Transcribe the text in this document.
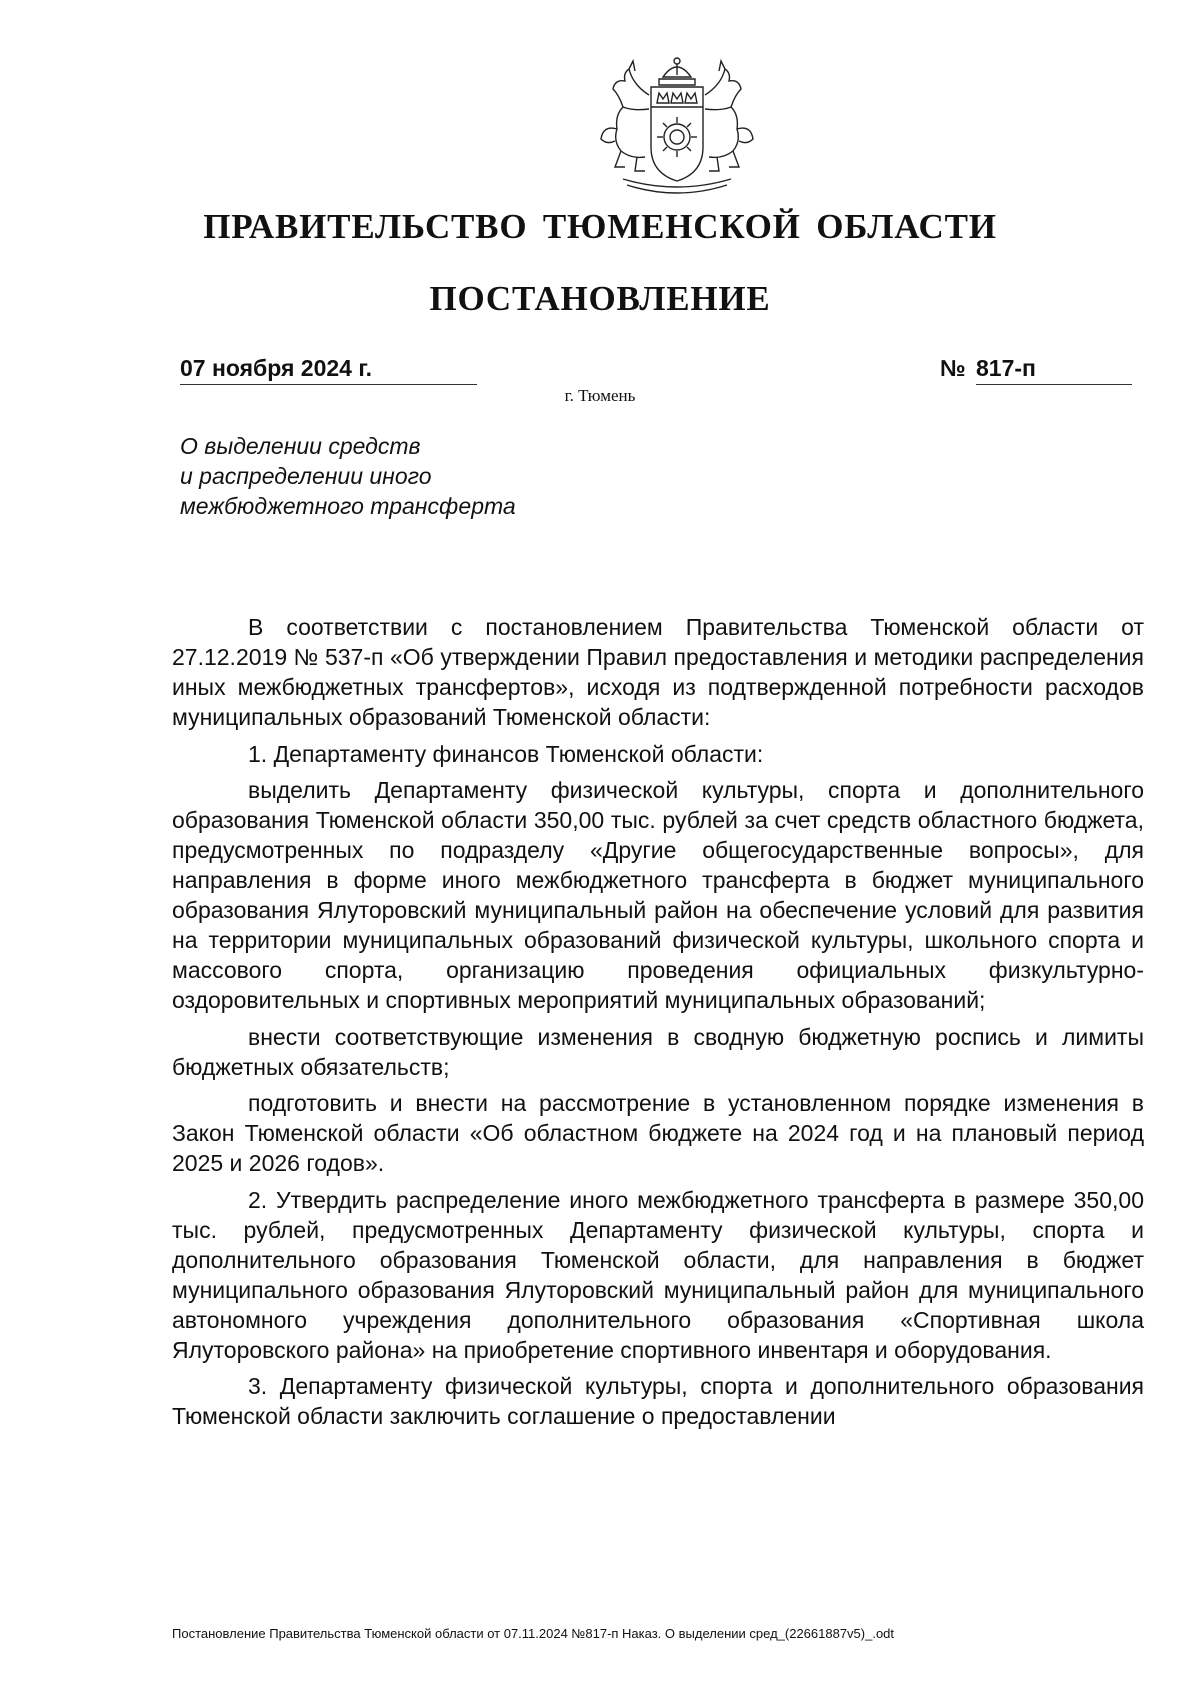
ПРАВИТЕЛЬСТВО ТЮМЕНСКОЙ ОБЛАСТИ
ПОСТАНОВЛЕНИЕ
07 ноября 2024 г.	№ 817-п
г. Тюмень
О выделении средств
и распределении иного
межбюджетного трансферта

В соответствии с постановлением Правительства Тюменской области от 27.12.2019 № 537-п «Об утверждении Правил предоставления и методики распределения иных межбюджетных трансфертов», исходя из подтвержденной потребности расходов муниципальных образований Тюменской области:

1. Департаменту финансов Тюменской области:

выделить Департаменту физической культуры, спорта и дополнительного образования Тюменской области 350,00 тыс. рублей за счет средств областного бюджета, предусмотренных по подразделу «Другие общегосударственные вопросы», для направления в форме иного межбюджетного трансферта в бюджет муниципального образования Ялуторовский муниципальный район на обеспечение условий для развития на территории муниципальных образований физической культуры, школьного спорта и массового спорта, организацию проведения официальных физкультурно-оздоровительных и спортивных мероприятий муниципальных образований;

внести соответствующие изменения в сводную бюджетную роспись и лимиты бюджетных обязательств;

подготовить и внести на рассмотрение в установленном порядке изменения в Закон Тюменской области «Об областном бюджете на 2024 год и на плановый период 2025 и 2026 годов».

2. Утвердить распределение иного межбюджетного трансферта в размере 350,00 тыс. рублей, предусмотренных Департаменту физической культуры, спорта и дополнительного образования Тюменской области, для направления в бюджет муниципального образования Ялуторовский муниципальный район для муниципального автономного учреждения дополнительного образования «Спортивная школа Ялуторовского района» на приобретение спортивного инвентаря и оборудования.

3. Департаменту физической культуры, спорта и дополнительного образования Тюменской области заключить соглашение о предоставлении

Постановление Правительства Тюменской области от 07.11.2024 №817-п Наказ. О выделении сред_(22661887v5)_.odt
